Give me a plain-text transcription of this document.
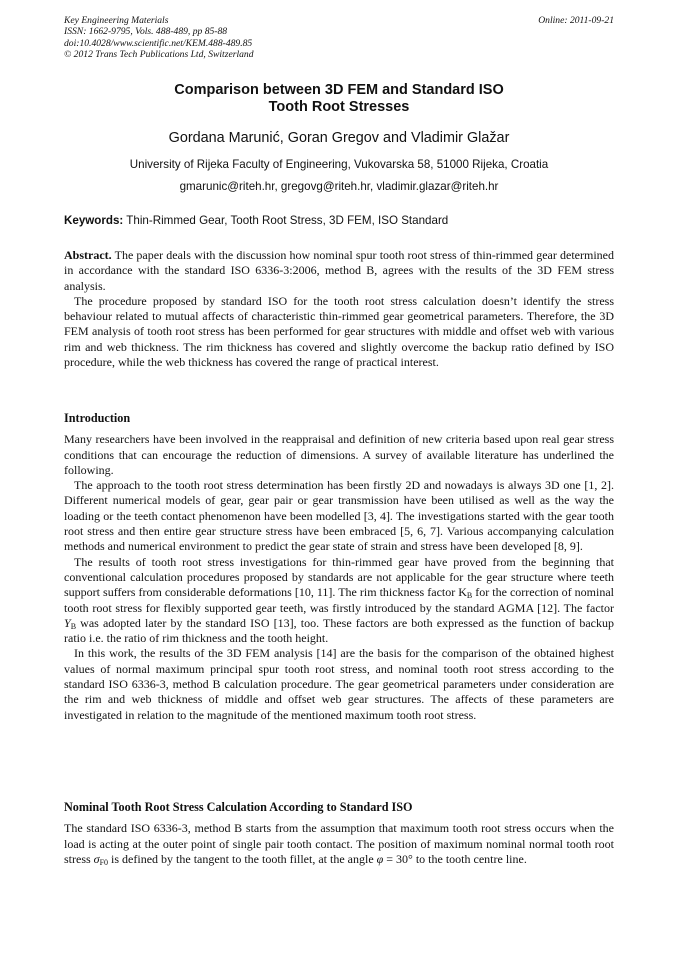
Key Engineering Materials
ISSN: 1662-9795, Vols. 488-489, pp 85-88
doi:10.4028/www.scientific.net/KEM.488-489.85
© 2012 Trans Tech Publications Ltd, Switzerland
Online: 2011-09-21
Comparison between 3D FEM and Standard ISO
Tooth Root Stresses
Gordana Marunić, Goran Gregov and Vladimir Glažar
University of Rijeka Faculty of Engineering, Vukovarska 58, 51000 Rijeka, Croatia
gmarunic@riteh.hr, gregovg@riteh.hr, vladimir.glazar@riteh.hr
Keywords: Thin-Rimmed Gear, Tooth Root Stress, 3D FEM, ISO Standard

Abstract. The paper deals with the discussion how nominal spur tooth root stress of thin-rimmed gear determined in accordance with the standard ISO 6336-3:2006, method B, agrees with the results of the 3D FEM stress analysis.

The procedure proposed by standard ISO for the tooth root stress calculation doesn’t identify the stress behaviour related to mutual affects of characteristic thin-rimmed gear geometrical parameters. Therefore, the 3D FEM analysis of tooth root stress has been performed for gear structures with middle and offset web with various rim and web thickness. The rim thickness has covered and slightly overcome the backup ratio defined by ISO procedure, while the web thickness has covered the range of practical interest.

Introduction

Many researchers have been involved in the reappraisal and definition of new criteria based upon real gear stress conditions that can encourage the reduction of dimensions. A survey of available literature has underlined the following.

The approach to the tooth root stress determination has been firstly 2D and nowadays is always 3D one [1, 2]. Different numerical models of gear, gear pair or gear transmission have been utilised as well as the way the loading or the teeth contact phenomenon have been modelled [3, 4]. The investigations started with the gear tooth root stress and then entire gear structure stress have been embraced [5, 6, 7]. Various accompanying calculation methods and numerical environment to predict the gear state of strain and stress have been developed [8, 9].

The results of tooth root stress investigations for thin-rimmed gear have proved from the beginning that conventional calculation procedures proposed by standards are not applicable for the gear structure where teeth support suffers from considerable deformations [10, 11]. The rim thickness factor $K_B$ for the correction of nominal tooth root stress for flexibly supported gear teeth, was firstly introduced by the standard AGMA [12]. The factor $Y_B$ was adopted later by the standard ISO [13], too. These factors are both expressed as the function of backup ratio i.e. the ratio of rim thickness and the tooth height.

In this work, the results of the 3D FEM analysis [14] are the basis for the comparison of the obtained highest values of normal maximum principal spur tooth root stress, and nominal tooth root stress according to the standard ISO 6336-3, method B calculation procedure. The gear geometrical parameters under consideration are the rim and web thickness of middle and offset web gear structures. The affects of these parameters are investigated in relation to the magnitude of the mentioned maximum tooth root stress.

Nominal Tooth Root Stress Calculation According to Standard ISO

The standard ISO 6336-3, method B starts from the assumption that maximum tooth root stress occurs when the load is acting at the outer point of single pair tooth contact. The position of maximum nominal normal tooth root stress $\sigma_{F0}$ is defined by the tangent to the tooth fillet, at the angle φ = 30° to the tooth centre line.
